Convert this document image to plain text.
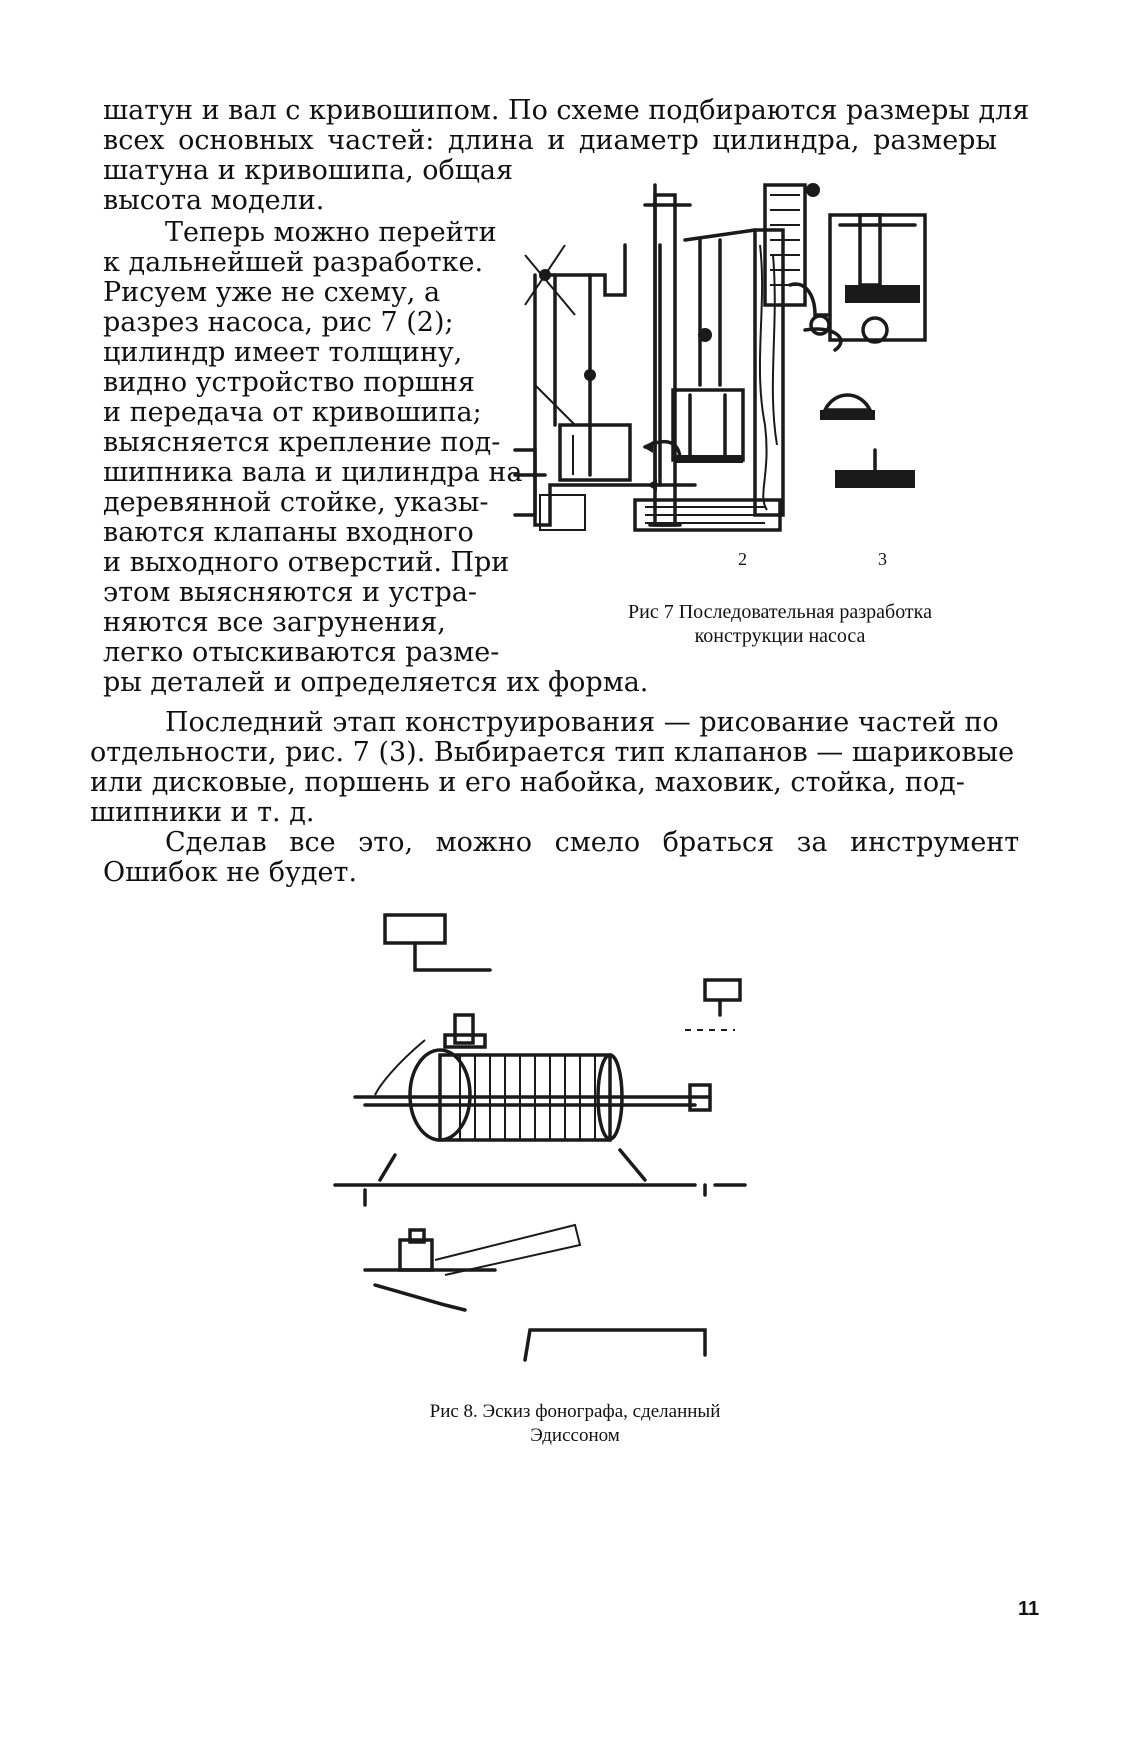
шатун и вал с кривошипом. По схеме подбираются размеры для
всех основных частей: длина и диаметр цилиндра, размеры
шатуна и кривошипа, общая
высота модели.
Теперь можно перейти
к дальнейшей разработке.
Рисуем уже не схему, а
разрез насоса, рис 7 (2);
цилиндр имеет толщину,
видно устройство поршня
и передача от кривошипа;
выясняется крепление под-
шипника вала и цилиндра на
деревянной стойке, указы-
ваются клапаны входного
и выходного отверстий. При
этом выясняются и устра-
няются все загрунения,
легко отыскиваются разме-
ры деталей и определяется их форма.
2	3
Рис 7 Последовательная разработка
конструкции насоса
Последний этап конструирования — рисование частей по
отдельности, рис. 7 (3). Выбирается тип клапанов — шариковые
или дисковые, поршень и его набойка, маховик, стойка, под-
шипники и т. д.
Сделав все это, можно смело браться за инструмент
Ошибок не будет.
Рис 8. Эскиз фонографа, сделанный
Эдиссоном
11
